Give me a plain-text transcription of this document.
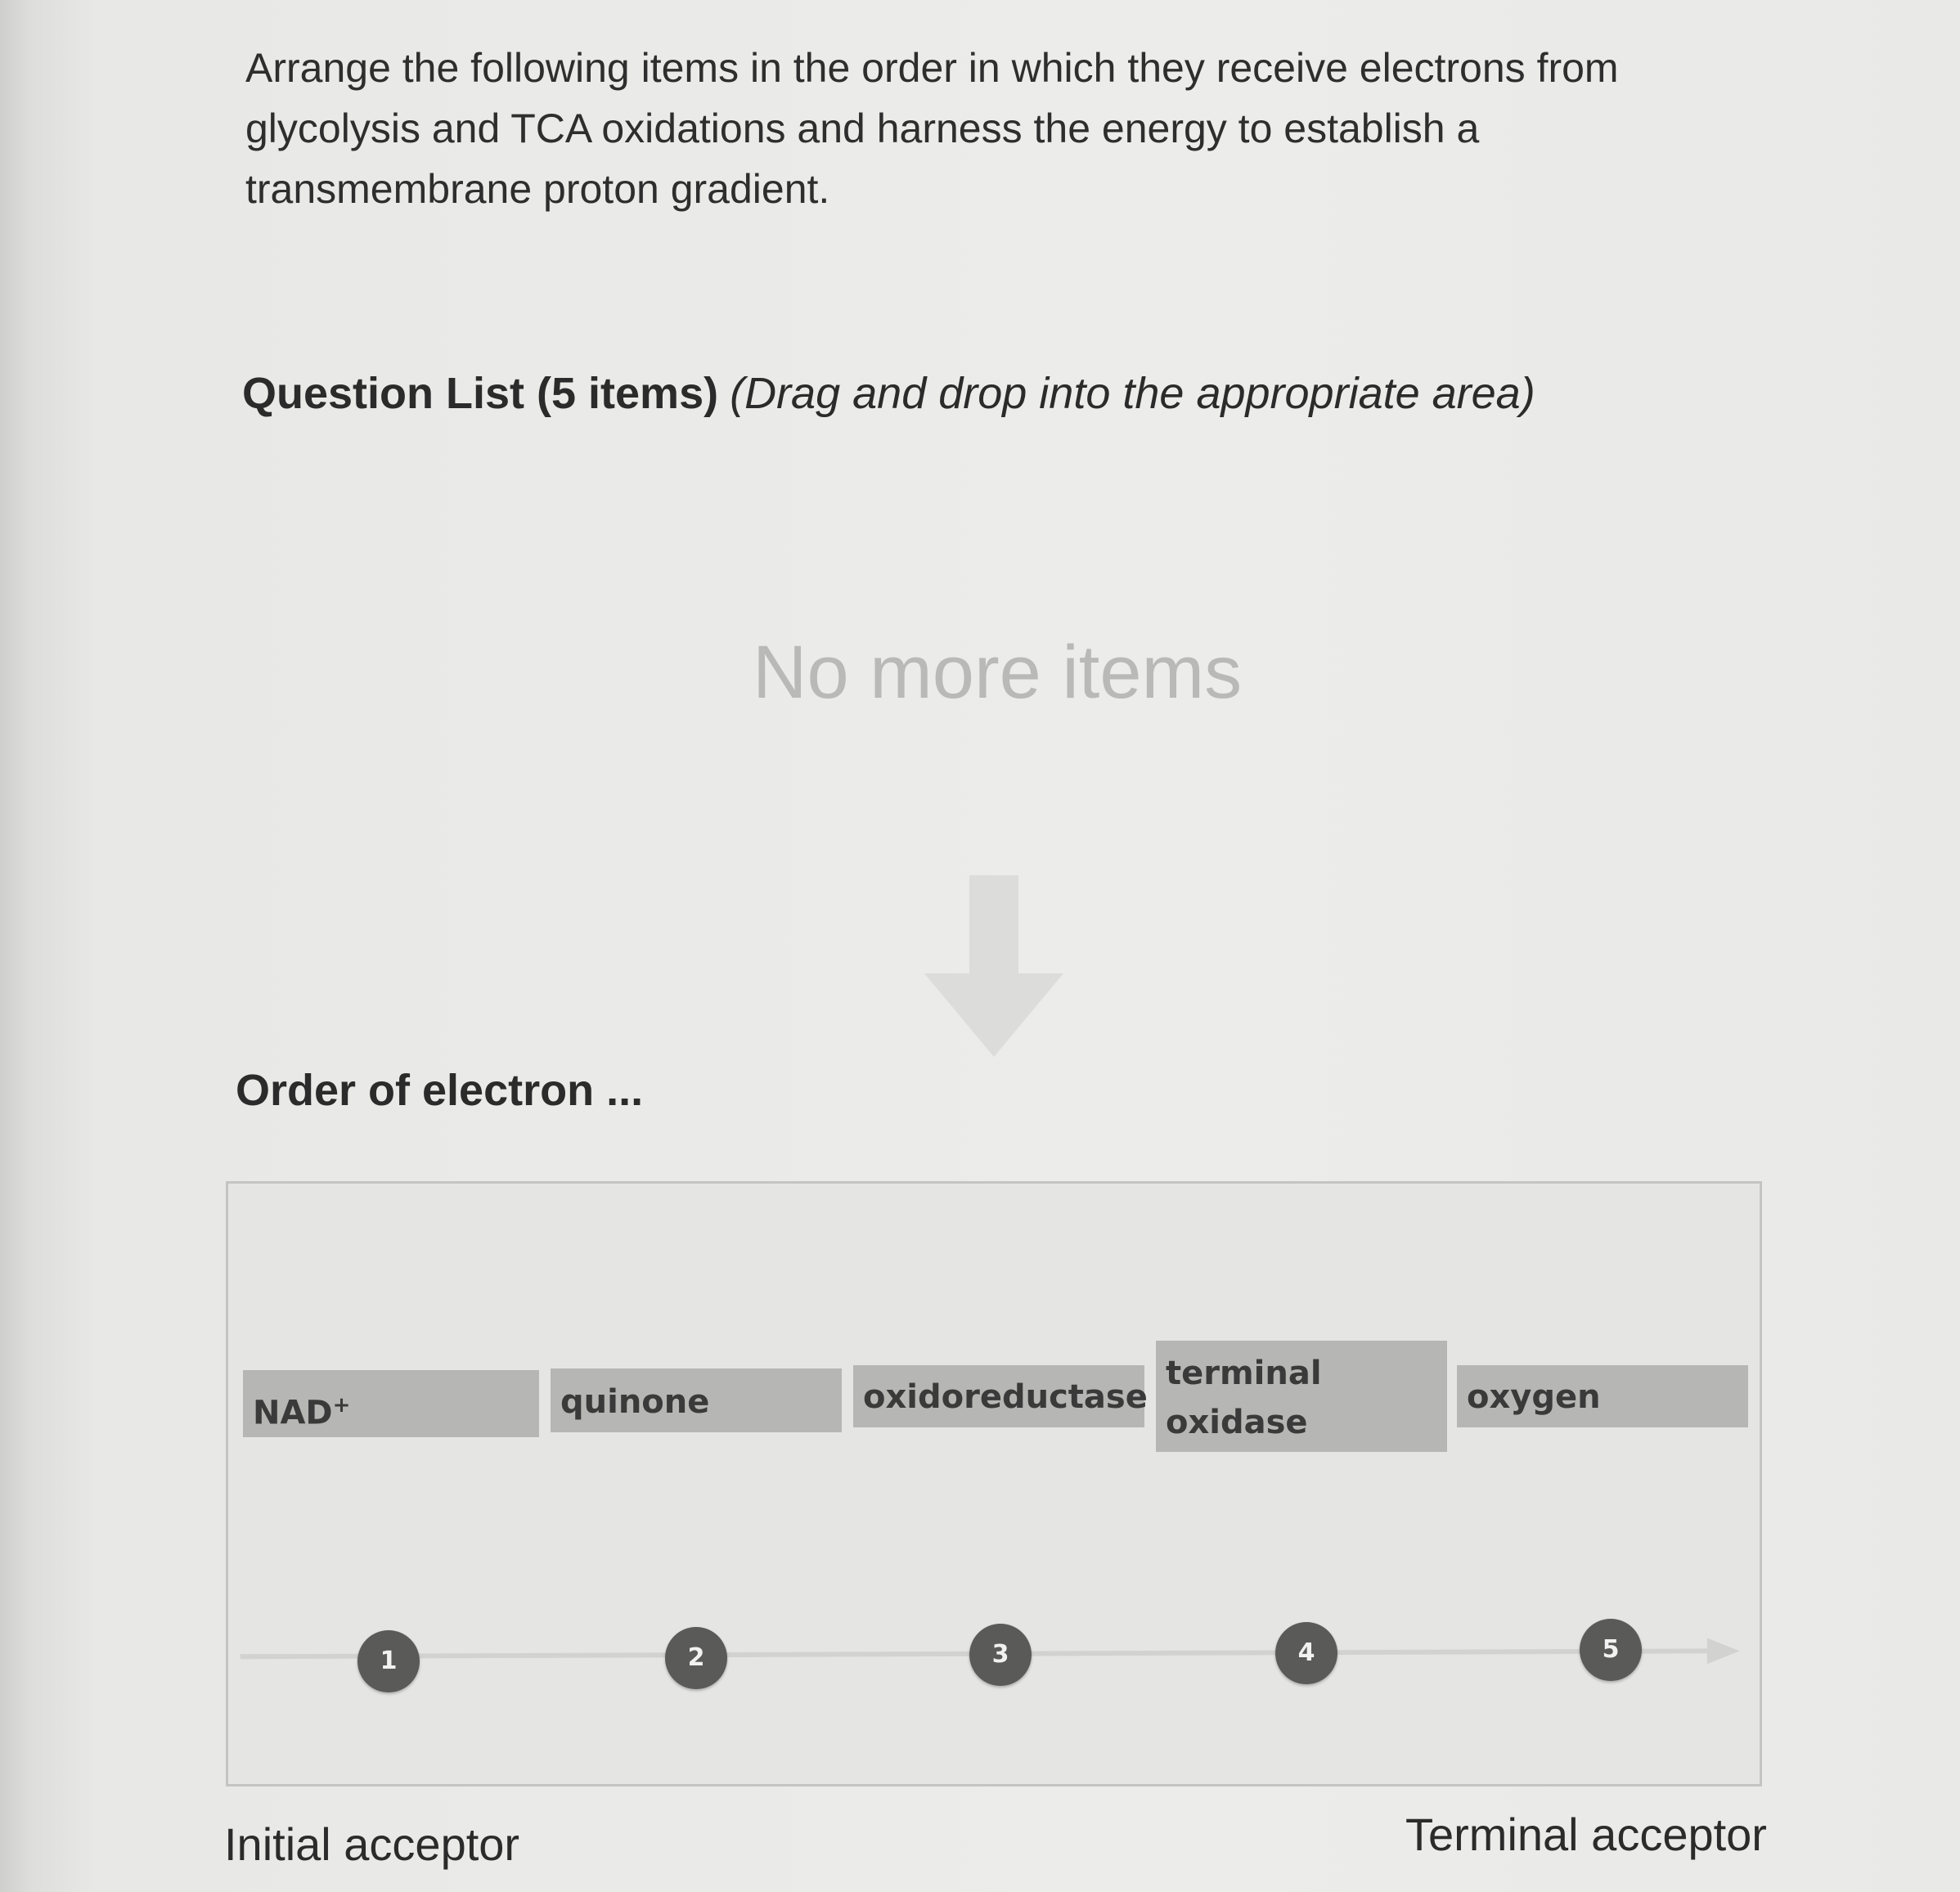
Arrange the following items in the order in which they receive electrons from glycolysis and TCA oxidations and harness the energy to establish a transmembrane proton gradient.

Question List (5 items) (Drag and drop into the appropriate area)
No more items
Order of electron ...
NAD+	quinone	oxidoreductase
terminal oxidase
oxygen
1	2	3	4	5
Initial acceptor	Terminal acceptor
